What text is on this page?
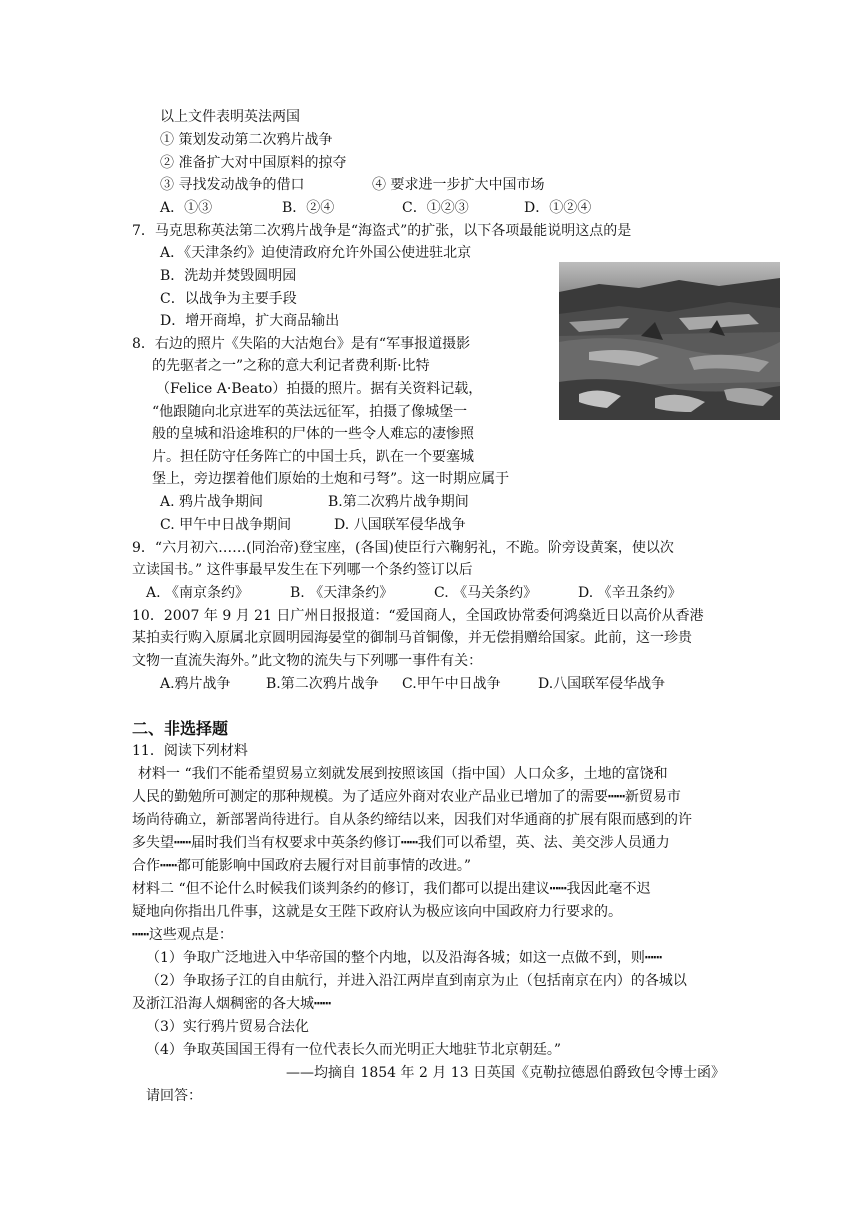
以上文件表明英法两国
① 策划发动第二次鸦片战争
② 准备扩大对中国原料的掠夺
③ 寻找发动战争的借口	④ 要求进一步扩大中国市场
A．①③	B．②④	C．①②③	D．①②④
7．马克思称英法第二次鸦片战争是“海盗式”的扩张，以下各项最能说明这点的是
A．《天津条约》迫使清政府允许外国公使进驻北京
B．洗劫并焚毁圆明园
C．以战争为主要手段
D．增开商埠，扩大商品输出
8．右边的照片《失陷的大沽炮台》是有“军事报道摄影
的先驱者之一”之称的意大利记者费利斯·比特
（Felice A·Beato）拍摄的照片。据有关资料记载，
“他跟随向北京进军的英法远征军，拍摄了像城堡一
般的皇城和沿途堆积的尸体的一些令人难忘的凄惨照
片。担任防守任务阵亡的中国士兵，趴在一个要塞城
堡上，旁边摆着他们原始的土炮和弓弩”。这一时期应属于
A. 鸦片战争期间	B.第二次鸦片战争期间
C. 甲午中日战争期间	D. 八国联军侵华战争
9．“六月初六……(同治帝)登宝座，(各国)使臣行六鞠躬礼，不跪。阶旁设黄案，使以次
立读国书。” 这件事最早发生在下列哪一个条约签订以后
A. 《南京条约》	B. 《天津条约》	C. 《马关条约》	D. 《辛丑条约》
10．2007 年 9 月 21 日广州日报报道：“爱国商人，全国政协常委何鸿燊近日以高价从香港
某拍卖行购入原属北京圆明园海晏堂的御制马首铜像，并无偿捐赠给国家。此前，这一珍贵
文物一直流失海外。”此文物的流失与下列哪一事件有关：
A.鸦片战争	B.第二次鸦片战争 C.甲午中日战争	D.八国联军侵华战争
二、非选择题
11．阅读下列材料
材料一 “我们不能希望贸易立刻就发展到按照该国（指中国）人口众多，土地的富饶和
人民的勤勉所可测定的那种规模。为了适应外商对农业产品业已增加了的需要┅┅新贸易市
场尚待确立，新部署尚待进行。自从条约缔结以来，因我们对华通商的扩展有限而感到的许
多失望┅┅届时我们当有权要求中英条约修订┅┅我们可以希望，英、法、美交涉人员通力
合作┅┅都可能影响中国政府去履行对目前事情的改进。”
材料二 “但不论什么时候我们谈判条约的修订，我们都可以提出建议┅┅我因此毫不迟
疑地向你指出几件事，这就是女王陛下政府认为极应该向中国政府力行要求的。
┅┅这些观点是：
（1）争取广泛地进入中华帝国的整个内地，以及沿海各城；如这一点做不到，则┅┅
（2）争取扬子江的自由航行，并进入沿江两岸直到南京为止（包括南京在内）的各城以
及浙江沿海人烟稠密的各大城┅┅
（3）实行鸦片贸易合法化
（4）争取英国国王得有一位代表长久而光明正大地驻节北京朝廷。”
——均摘自 1854 年 2 月 13 日英国《克勒拉德恩伯爵致包令博士函》
请回答：
